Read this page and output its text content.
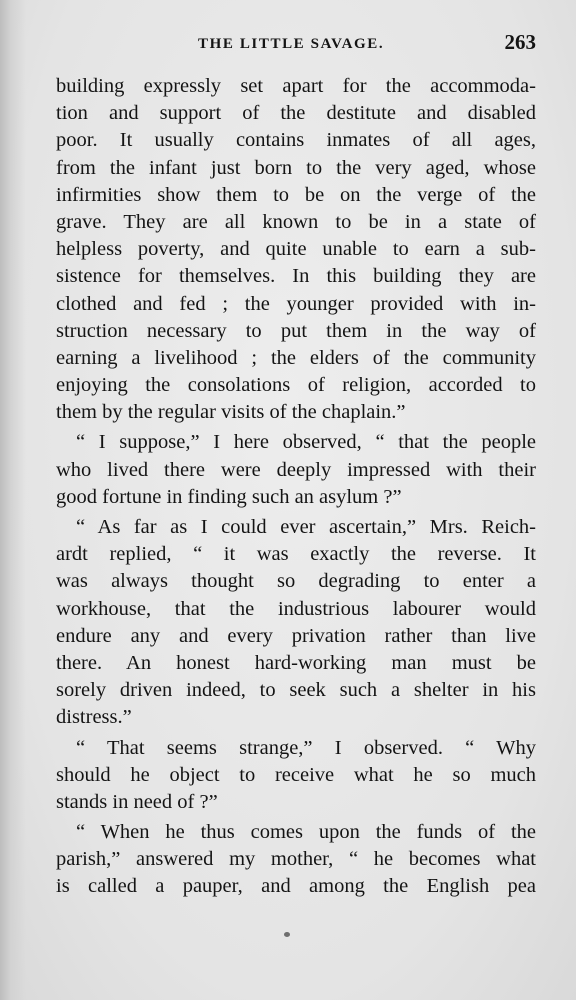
THE LITTLE SAVAGE.	263
building expressly set apart for the accommoda-
tion and support of the destitute and disabled
poor. It usually contains inmates of all ages,
from the infant just born to the very aged, whose
infirmities show them to be on the verge of the
grave. They are all known to be in a state of
helpless poverty, and quite unable to earn a sub-
sistence for themselves. In this building they are
clothed and fed ; the younger provided with in-
struction necessary to put them in the way of
earning a livelihood ; the elders of the community
enjoying the consolations of religion, accorded to
them by the regular visits of the chaplain.”
“ I suppose,” I here observed, “ that the people
who lived there were deeply impressed with their
good fortune in finding such an asylum ?”
“ As far as I could ever ascertain,” Mrs. Reich-
ardt replied, “ it was exactly the reverse. It
was always thought so degrading to enter a
workhouse, that the industrious labourer would
endure any and every privation rather than live
there. An honest hard-working man must be
sorely driven indeed, to seek such a shelter in his
distress.”
“ That seems strange,” I observed. “ Why
should he object to receive what he so much
stands in need of ?”
“ When he thus comes upon the funds of the
parish,” answered my mother, “ he becomes what
is called a pauper, and among the English pea
